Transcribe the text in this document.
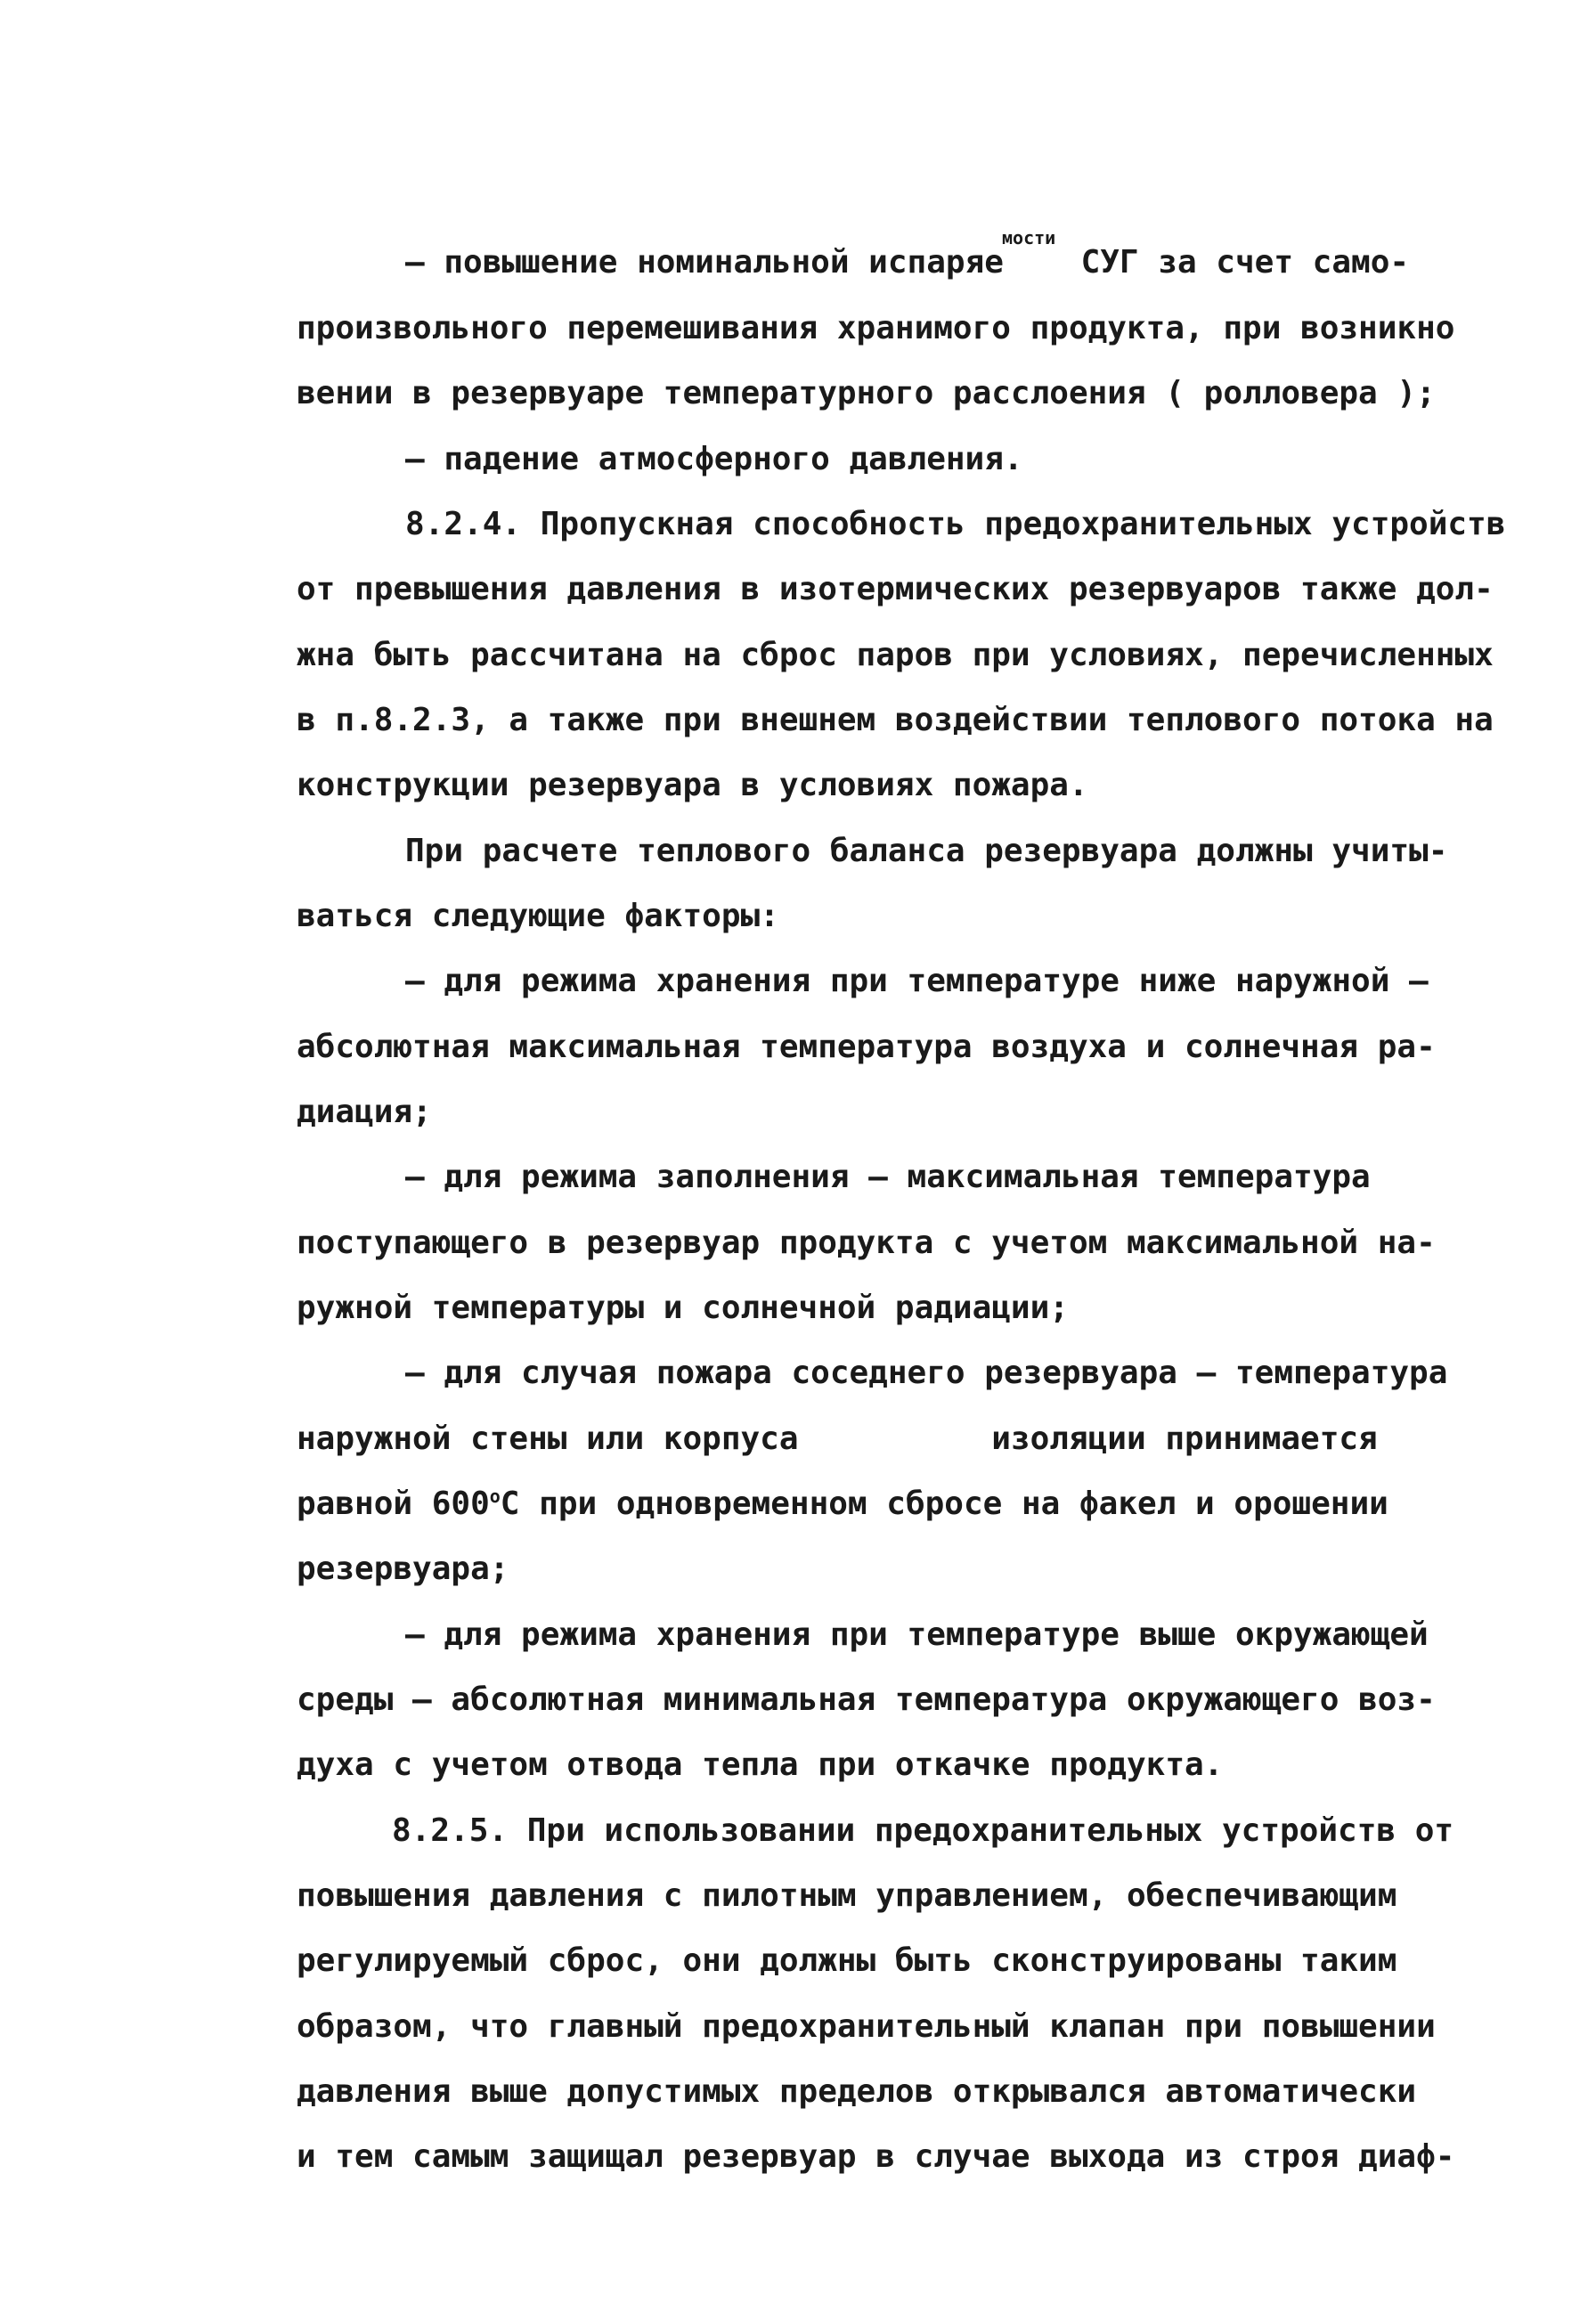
– повышение номинальной испаряе    СУГ за счет само-
мости
произвольного перемешивания хранимого продукта, при возникно
вении в резервуаре температурного расслоения ( ролловера );
– падение атмосферного давления.
8.2.4. Пропускная способность предохранительных устройств
от превышения давления в изотермических резервуаров также дол-
жна быть рассчитана на сброс паров при условиях, перечисленных
в п.8.2.3, а также при внешнем воздействии теплового потока на
конструкции резервуара в условиях пожара.
При расчете теплового баланса резервуара должны учиты-
ваться следующие факторы:
– для режима хранения при температуре ниже наружной –
абсолютная максимальная температура воздуха и солнечная ра-
диация;
– для режима заполнения – максимальная температура
поступающего в резервуар продукта с учетом максимальной на-
ружной температуры и солнечной радиации;
– для случая пожара соседнего резервуара – температура
наружной стены или корпуса          изоляции принимается
равной $600^оС$ при одновременном сбросе на факел и орошении
резервуара;
– для режима хранения при температуре выше окружающей
среды – абсолютная минимальная температура окружающего воз-
духа с учетом отвода тепла при откачке продукта.
8.2.5. При использовании предохранительных устройств от
повышения давления с пилотным управлением, обеспечивающим
регулируемый сброс, они должны быть сконструированы таким
образом, что главный предохранительный клапан при повышении
давления выше допустимых пределов открывался автоматически
и тем самым защищал резервуар в случае выхода из строя диаф-
